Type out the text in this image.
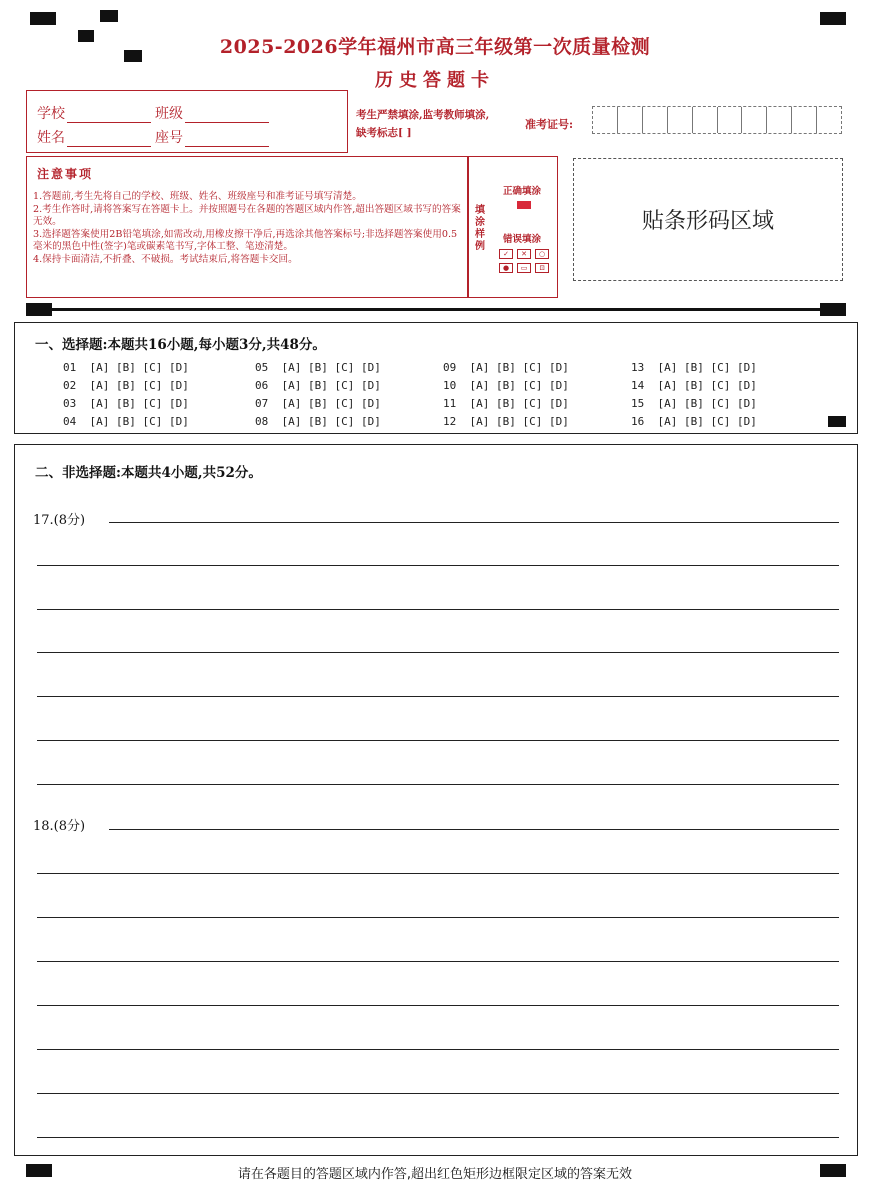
2025-2026学年福州市高三年级第一次质量检测
历史答题卡
学校	班级
姓名	座号
考生严禁填涂,监考教师填涂,
缺考标志[ ]
准考证号:
注意事项
1.答题前,考生先将自己的学校、班级、姓名、班级座号和准考证号填写清楚。
2.考生作答时,请将答案写在答题卡上。并按照题号在各题的答题区域内作答,超出答题区域书写的答案无效。
3.选择题答案使用2B铅笔填涂,如需改动,用橡皮擦干净后,再选涂其他答案标号;非选择题答案使用0.5毫米的黑色中性(签字)笔或碳素笔书写,字体工整、笔迹清楚。
4.保持卡面清洁,不折叠、不破损。考试结束后,将答题卡交回。
填涂样例
正确填涂
错误填涂
✓ ✕ ○
● ▭ ⊡
贴条形码区域
一、选择题:本题共16小题,每小题3分,共48分。
01 [A] [B] [C] [D]
02 [A] [B] [C] [D]
03 [A] [B] [C] [D]
04 [A] [B] [C] [D]
05 [A] [B] [C] [D]
06 [A] [B] [C] [D]
07 [A] [B] [C] [D]
08 [A] [B] [C] [D]
09 [A] [B] [C] [D]
10 [A] [B] [C] [D]
11 [A] [B] [C] [D]
12 [A] [B] [C] [D]
13 [A] [B] [C] [D]
14 [A] [B] [C] [D]
15 [A] [B] [C] [D]
16 [A] [B] [C] [D]
二、非选择题:本题共4小题,共52分。
17.(8分)
18.(8分)
请在各题目的答题区域内作答,超出红色矩形边框限定区域的答案无效
